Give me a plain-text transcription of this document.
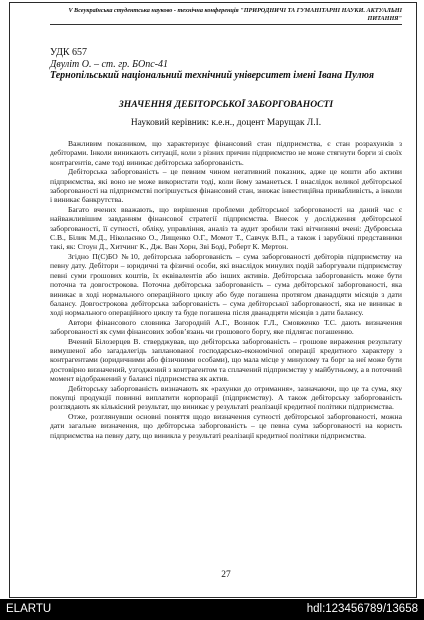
V Всеукраїнська студентська науково - технічна конференція "ПРИРОДНИЧІ ТА ГУМАНІТАРНІ НАУКИ. АКТУАЛЬНІ ПИТАННЯ"
УДК 657
Двуліт О. – ст. гр. БОпс-41
Тернопільський національний технічний університет імені Івана Пулюя
ЗНАЧЕННЯ ДЕБІТОРСЬКОЇ ЗАБОРГОВАНОСТІ
Науковий керівник: к.е.н., доцент Марущак Л.І.

Важливим показником, що характеризує фінансовий стан підприємства, є стан розрахунків з дебіторами. Інколи виникають ситуації, коли з різних причин підприємство не може стягнути борги зі своїх контрагентів, саме тоді виникає дебіторська заборгованість.

Дебіторська заборгованість – це певним чином негативний показник, адже це кошти або активи підприємства, які воно не може використати тоді, коли йому заманеться. І внаслідок великої дебіторської заборгованості на підприємстві погіршується фінансовий стан, знижає інвестиційна привабливість, а інколи і виникає банкрутства.

Багато вчених вважають, що вирішення проблеми дебіторської заборгованості на даний час є найважливішим завданням фінансової стратегії підприємства. Внесок у дослідження дебіторської заборгованості, її сутності, обліку, управління, аналіз та аудит зробили такі вітчизняні вчені: Дубровська С.В., Білик М.Д., Ніколаєнко О., Лищенко О.Г., Момот Т., Савчук В.П., а також і зарубіжні представники такі, як: Стоун Д., Хитчинг К., Дж. Ван Хорн, Зві Боді, Роберт К. Мертон.

Згідно П(С)БО №10, дебіторська заборгованість – сума заборгованості дебіторів підприємству на певну дату. Дебітори – юридичні та фізичні особи, які внаслідок минулих подій заборгували підприємству певні суми грошових коштів, їх еквівалентів або інших активів. Дебіторська заборгованість може бути поточна та довгострокова. Поточна дебіторська заборгованість – сума дебіторської заборгованості, яка виникає в ході нормального операційного циклу або буде погашена протягом дванадцяти місяців з дати балансу. Довгострокова дебіторська заборгованість – сума дебіторської заборгованості, яка не виникає в ході нормального операційного циклу та буде погашена після дванадцяти місяців з дати балансу.

Автори фінансового словника Загородній А.Г., Вознюк Г.Л., Смовженко Т.С. дають визначення заборгованості як суми фінансових зобов’язань чи грошового боргу, яке підлягає погашенню.

Вчений Білозерцев В. стверджував, що дебіторська заборгованість – грошове вираження результату вимушеної або загадалегідь запланованої господарсько-економічної операції кредитного характеру з контрагентами (юридичними або фізичними особами), що мала місце у минулому та борг за неї може бути достовірно визначений, узгоджений з контрагентом та сплачений підприємству у майбутньому, а в поточний момент відображений у балансі підприємства як актив.

Дебіторську заборгованість визначають як «рахунки до отримання», зазначаючи, що це та сума, яку покупці продукції повинні виплатити корпорації (підприємству). А також дебіторську заборгованість розглядають як кількісний результат, що виникає у результаті реалізації кредитної політики підприємства.

Отже, розглянувши основні поняття щодо визначення сутності дебіторської заборгованості, можна дати загальне визначення, що дебіторська заборгованість – це певна сума заборгованості на користь підприємства на певну дату, що виникла у результаті реалізації кредитної політики підприємства.

27
ELARTU	hdl:123456789/13658
